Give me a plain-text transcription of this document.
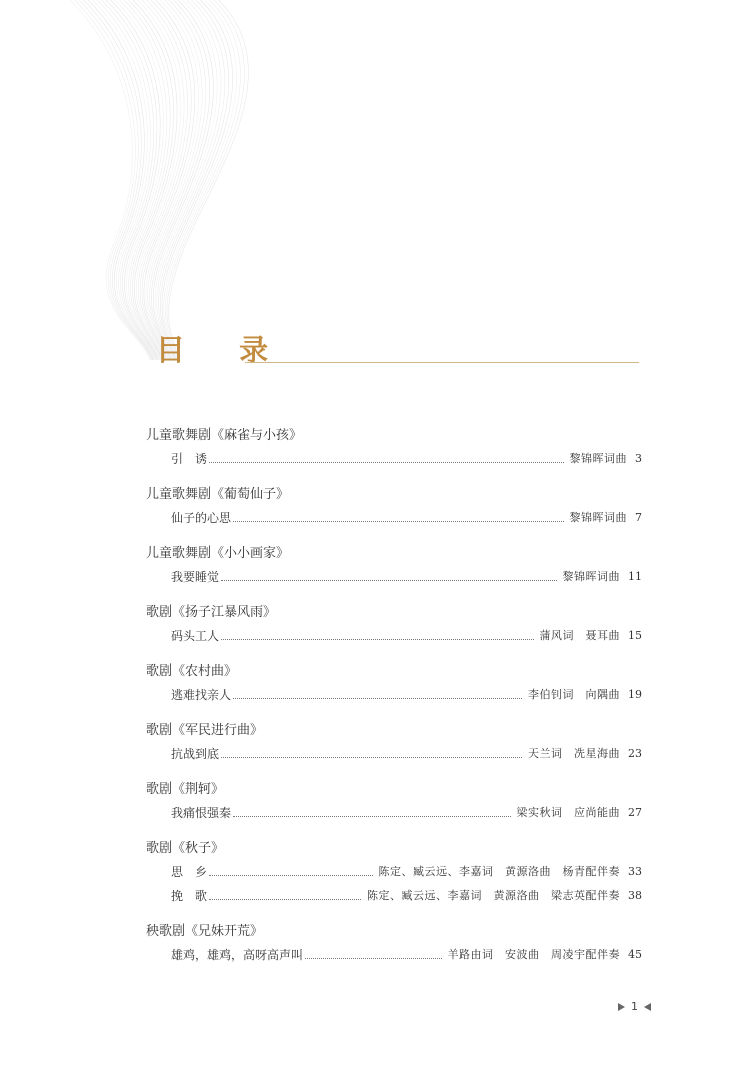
目 录
儿童歌舞剧《麻雀与小孩》
引　诱	黎锦晖词曲 3
儿童歌舞剧《葡萄仙子》
仙子的心思	黎锦晖词曲 7
儿童歌舞剧《小小画家》
我要睡觉	黎锦晖词曲 11
歌剧《扬子江暴风雨》
码头工人	蒲风词　聂耳曲 15
歌剧《农村曲》
逃难找亲人	李伯钊词　向隅曲 19
歌剧《军民进行曲》
抗战到底	天兰词　冼星海曲 23
歌剧《荆轲》
我痛恨强秦	梁实秋词　应尚能曲 27
歌剧《秋子》
思　乡	陈定、臧云远、李嘉词　黄源洛曲　杨青配伴奏 33
挽　歌	陈定、臧云远、李嘉词　黄源洛曲　梁志英配伴奏 38
秧歌剧《兄妹开荒》
雄鸡，雄鸡，高呀高声叫	羊路由词　安波曲　周凌宇配伴奏 45
1
